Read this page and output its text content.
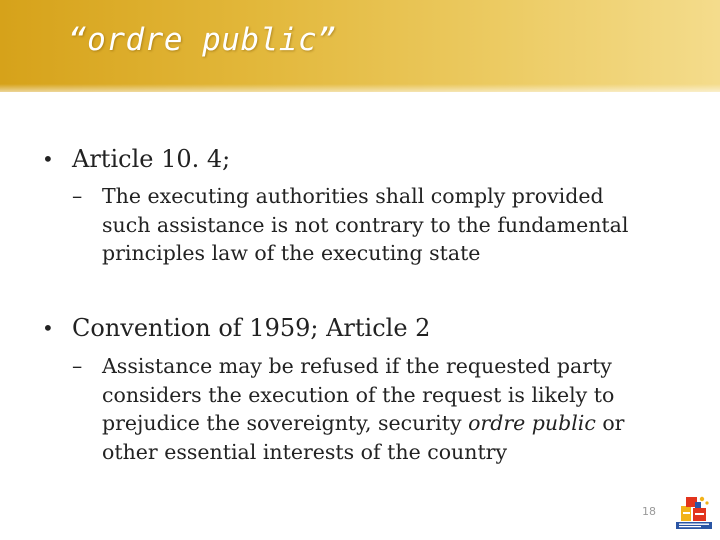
“ordre public”
• Article 10. 4;
– The executing authorities shall comply provided
such assistance is not contrary to the fundamental
principles law of the executing state
• Convention of 1959; Article 2
– Assistance may be refused if the requested party
considers the execution of the request is likely to
prejudice the sovereignty, security ordre public or
other essential interests of the country
18
